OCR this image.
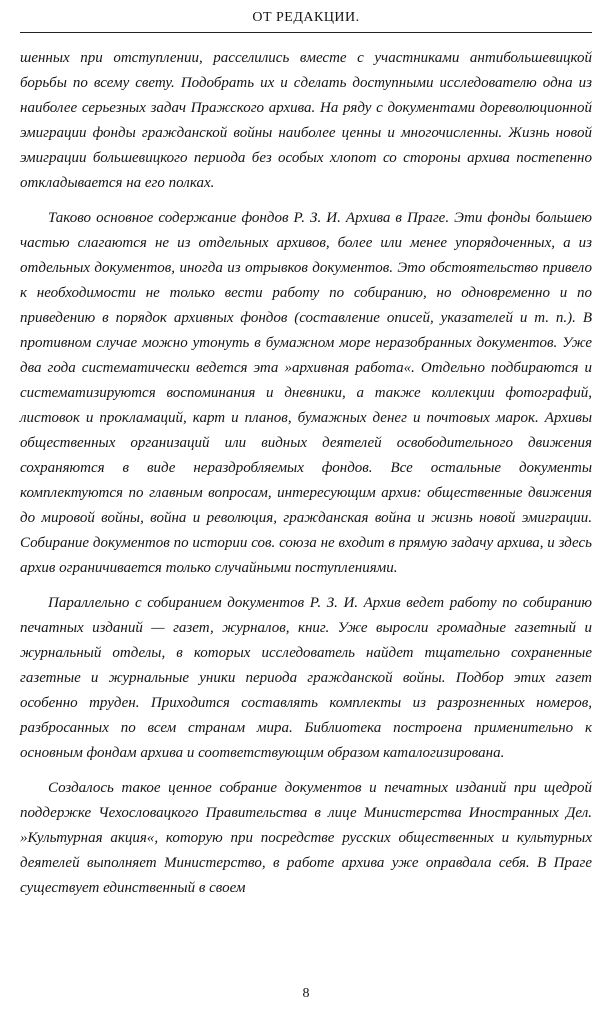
ОТ РЕДАКЦИИ.

шенных при отступлении, расселились вместе с участниками антибольшевицкой борьбы по всему свету. Подобрать их и сделать доступными исследователю одна из наиболее серьезных задач Пражского архива. На ряду с документами дореволюционной эмиграции фонды гражданской войны наиболее ценны и многочисленны. Жизнь новой эмиграции большевицкого периода без особых хлопот со стороны архива постепенно откладывается на его полках.

Таково основное содержание фондов Р. З. И. Архива в Праге. Эти фонды большею частью слагаются не из отдельных архивов, более или менее упорядоченных, а из отдельных документов, иногда из отрывков документов. Это обстоятельство привело к необходимости не только вести работу по собиранию, но одновременно и по приведению в порядок архивных фондов (составление описей, указателей и т. п.). В противном случае можно утонуть в бумажном море неразобранных документов. Уже два года систематически ведется эта »архивная работа«. Отдельно подбираются и систематизируются воспоминания и дневники, а также коллекции фотографий, листовок и прокламаций, карт и планов, бумажных денег и почтовых марок. Архивы общественных организаций или видных деятелей освободительного движения сохраняются в виде нераздробляемых фондов. Все остальные документы комплектуются по главным вопросам, интересующим архив: общественные движения до мировой войны, война и революция, гражданская война и жизнь новой эмиграции. Собирание документов по истории сов. союза не входит в прямую задачу архива, и здесь архив ограничивается только случайными поступлениями.

Параллельно с собиранием документов Р. З. И. Архив ведет работу по собиранию печатных изданий — газет, журналов, книг. Уже выросли громадные газетный и журнальный отделы, в которых исследователь найдет тщательно сохраненные газетные и журнальные уники периода гражданской войны. Подбор этих газет особенно труден. Приходится составлять комплекты из разрозненных номеров, разбросанных по всем странам мира. Библиотека построена применительно к основным фондам архива и соответствующим образом каталогизирована.

Создалось такое ценное собрание документов и печатных изданий при щедрой поддержке Чехословацкого Правительства в лице Министерства Иностранных Дел. »Культурная акция«, которую при посредстве русских общественных и культурных деятелей выполняет Министерство, в работе архива уже оправдала себя. В Праге существует единственный в своем

8
